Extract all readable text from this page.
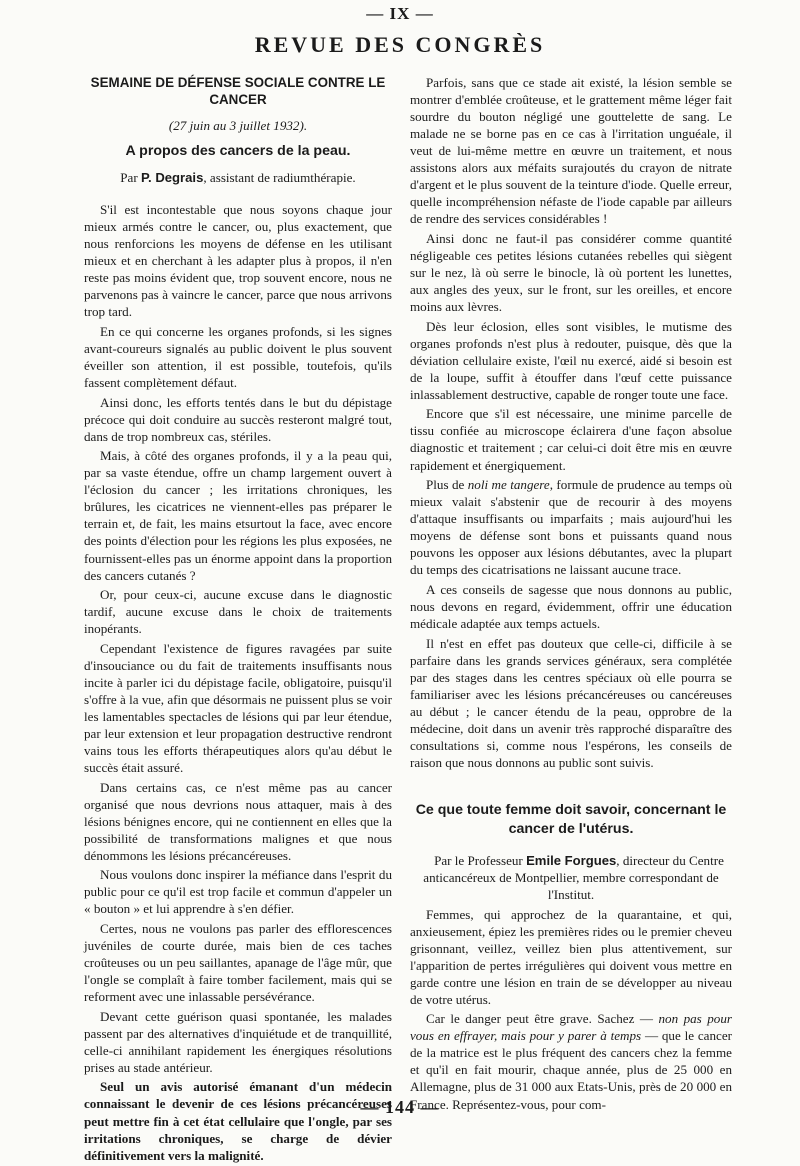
— IX —
REVUE DES CONGRÈS
SEMAINE DE DÉFENSE SOCIALE CONTRE LE CANCER
(27 juin au 3 juillet 1932).
A propos des cancers de la peau.
Par P. Degrais, assistant de radiumthérapie.

S'il est incontestable que nous soyons chaque jour mieux armés contre le cancer, ou, plus exactement, que nous renforcions les moyens de défense en les utilisant mieux et en cherchant à les adapter plus à propos, il n'en reste pas moins évident que, trop souvent encore, nous ne parvenons pas à vaincre le cancer, parce que nous arrivons trop tard.

En ce qui concerne les organes profonds, si les signes avant-coureurs signalés au public doivent le plus souvent éveiller son attention, il est possible, toutefois, qu'ils fassent complètement défaut.

Ainsi donc, les efforts tentés dans le but du dépistage précoce qui doit conduire au succès resteront malgré tout, dans de trop nombreux cas, stériles.

Mais, à côté des organes profonds, il y a la peau qui, par sa vaste étendue, offre un champ largement ouvert à l'éclosion du cancer ; les irritations chroniques, les brûlures, les cicatrices ne viennent-elles pas préparer le terrain et, de fait, les mains etsurtout la face, avec encore des points d'élection pour les régions les plus exposées, ne fournissent-elles pas un énorme appoint dans la proportion des cancers cutanés ?

Or, pour ceux-ci, aucune excuse dans le diagnostic tardif, aucune excuse dans le choix de traitements inopérants.

Cependant l'existence de figures ravagées par suite d'insouciance ou du fait de traitements insuffisants nous incite à parler ici du dépistage facile, obligatoire, puisqu'il s'offre à la vue, afin que désormais ne puissent plus se voir les lamentables spectacles de lésions qui par leur étendue, par leur extension et leur propagation destructive rendront vains tous les efforts thérapeutiques alors qu'au début le succès était assuré.

Dans certains cas, ce n'est même pas au cancer organisé que nous devrions nous attaquer, mais à des lésions bénignes encore, qui ne contiennent en elles que la possibilité de transformations malignes et que nous dénommons les lésions précancéreuses.

Nous voulons donc inspirer la méfiance dans l'esprit du public pour ce qu'il est trop facile et commun d'appeler un « bouton » et lui apprendre à s'en défier.

Certes, nous ne voulons pas parler des efflorescences juvéniles de courte durée, mais bien de ces taches croûteuses ou un peu saillantes, apanage de l'âge mûr, que l'ongle se complaît à faire tomber facilement, mais qui se reforment avec une inlassable persévérance.

Devant cette guérison quasi spontanée, les malades passent par des alternatives d'inquiétude et de tranquillité, celle-ci annihilant rapidement les énergiques résolutions prises au stade antérieur.

Seul un avis autorisé émanant d'un médecin connaissant le devenir de ces lésions précancéreuses peut mettre fin à cet état cellulaire que l'ongle, par ses irritations chroniques, se charge de dévier définitivement vers la malignité.

Parfois, sans que ce stade ait existé, la lésion semble se montrer d'emblée croûteuse, et le grattement même léger fait sourdre du bouton négligé une gouttelette de sang. Le malade ne se borne pas en ce cas à l'irritation unguéale, il veut de lui-même mettre en œuvre un traitement, et nous assistons alors aux méfaits surajoutés du crayon de nitrate d'argent et le plus souvent de la teinture d'iode. Quelle erreur, quelle incompréhension néfaste de l'iode capable par ailleurs de rendre des services considérables !

Ainsi donc ne faut-il pas considérer comme quantité négligeable ces petites lésions cutanées rebelles qui siègent sur le nez, là où serre le binocle, là où portent les lunettes, aux angles des yeux, sur le front, sur les oreilles, et encore moins aux lèvres.

Dès leur éclosion, elles sont visibles, le mutisme des organes profonds n'est plus à redouter, puisque, dès que la déviation cellulaire existe, l'œil nu exercé, aidé si besoin est de la loupe, suffit à étouffer dans l'œuf cette puissance inlassablement destructive, capable de ronger toute une face.

Encore que s'il est nécessaire, une minime parcelle de tissu confiée au microscope éclairera d'une façon absolue diagnostic et traitement ; car celui-ci doit être mis en œuvre rapidement et énergiquement.

Plus de noli me tangere, formule de prudence au temps où mieux valait s'abstenir que de recourir à des moyens d'attaque insuffisants ou imparfaits ; mais aujourd'hui les moyens de défense sont bons et puissants quand nous pouvons les opposer aux lésions débutantes, avec la plupart du temps des cicatrisations ne laissant aucune trace.

A ces conseils de sagesse que nous donnons au public, nous devons en regard, évidemment, offrir une éducation médicale adaptée aux temps actuels.

Il n'est en effet pas douteux que celle-ci, difficile à se parfaire dans les grands services généraux, sera complétée par des stages dans les centres spéciaux où elle pourra se familiariser avec les lésions précancéreuses ou cancéreuses au début ; le cancer étendu de la peau, opprobre de la médecine, doit dans un avenir très rapproché disparaître des consultations si, comme nous l'espérons, les conseils de raison que nous donnons au public sont suivis.

Ce que toute femme doit savoir, concernant le cancer de l'utérus.

Par le Professeur Emile Forgues, directeur du Centre anticancéreux de Montpellier, membre correspondant de l'Institut.

Femmes, qui approchez de la quarantaine, et qui, anxieusement, épiez les premières rides ou le premier cheveu grisonnant, veillez, veillez bien plus attentivement, sur l'apparition de pertes irrégulières qui doivent vous mettre en garde contre une lésion en train de se développer au niveau de votre utérus.

Car le danger peut être grave. Sachez — non pas pour vous en effrayer, mais pour y parer à temps — que le cancer de la matrice est le plus fréquent des cancers chez la femme et qu'il en fait mourir, chaque année, plus de 25 000 en Allemagne, plus de 31 000 aux Etats-Unis, près de 20 000 en France. Représentez-vous, pour com-

— 144 —
